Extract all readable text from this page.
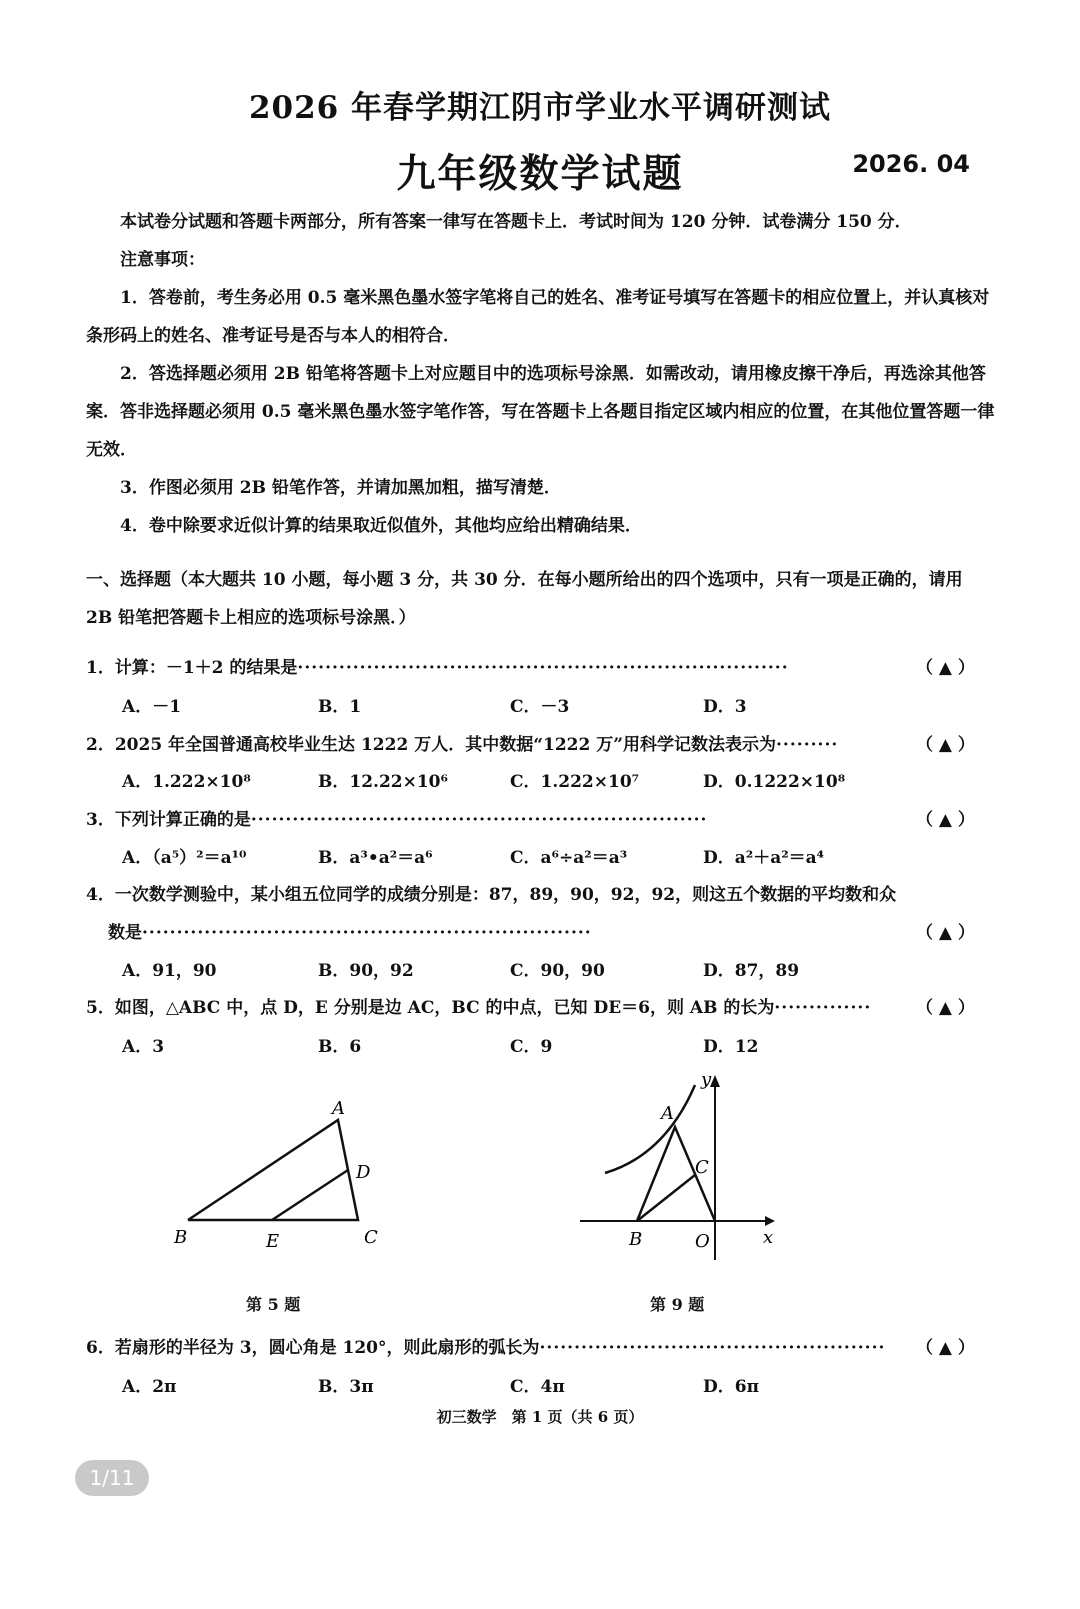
2026 年春学期江阴市学业水平调研测试
九年级数学试题	2026. 04
本试卷分试题和答题卡两部分，所有答案一律写在答题卡上．考试时间为 120 分钟．试卷满分 150 分．
注意事项：
1．答卷前，考生务必用 0.5 毫米黑色墨水签字笔将自己的姓名、准考证号填写在答题卡的相应位置上，并认真核对条形码上的姓名、准考证号是否与本人的相符合．
2．答选择题必须用 2B 铅笔将答题卡上对应题目中的选项标号涂黑．如需改动，请用橡皮擦干净后，再选涂其他答案．答非选择题必须用 0.5 毫米黑色墨水签字笔作答，写在答题卡上各题目指定区域内相应的位置，在其他位置答题一律无效．
3．作图必须用 2B 铅笔作答，并请加黑加粗，描写清楚．
4．卷中除要求近似计算的结果取近似值外，其他均应给出精确结果．
一、选择题（本大题共 10 小题，每小题 3 分，共 30 分．在每小题所给出的四个选项中，只有一项是正确的，请用 2B 铅笔把答题卡上相应的选项标号涂黑．）
1．计算：－1＋2 的结果是·······································································	（ ▲ ）
A．－1	B．1	C．－3	D．3
2．2025 年全国普通高校毕业生达 1222 万人．其中数据“1222 万”用科学记数法表示为·········	（ ▲ ）
A．1.222×10⁸	B．12.22×10⁶	C．1.222×10⁷	D．0.1222×10⁸
3．下列计算正确的是··································································	（ ▲ ）
A．（a⁵）²＝a¹⁰	B．a³•a²＝a⁶	C．a⁶÷a²＝a³	D．a²＋a²＝a⁴
4．一次数学测验中，某小组五位同学的成绩分别是：87，89，90，92，92，则这五个数据的平均数和众
数是·································································	（ ▲ ）
A．91，90	B．90，92	C．90，90	D．87，89
5．如图，△ABC 中，点 D，E 分别是边 AC，BC 的中点，已知 DE＝6，则 AB 的长为··············	（ ▲ ）
A．3	B．6	C．9	D．12
A
B	C
D
E
A
B
C
O	x
y
第 5 题	第 9 题
6．若扇形的半径为 3，圆心角是 120°，则此扇形的弧长为·················································· （ ▲ ）
A．2π	B．3π	C．4π	D．6π
初三数学　第 1 页（共 6 页）
1/11
